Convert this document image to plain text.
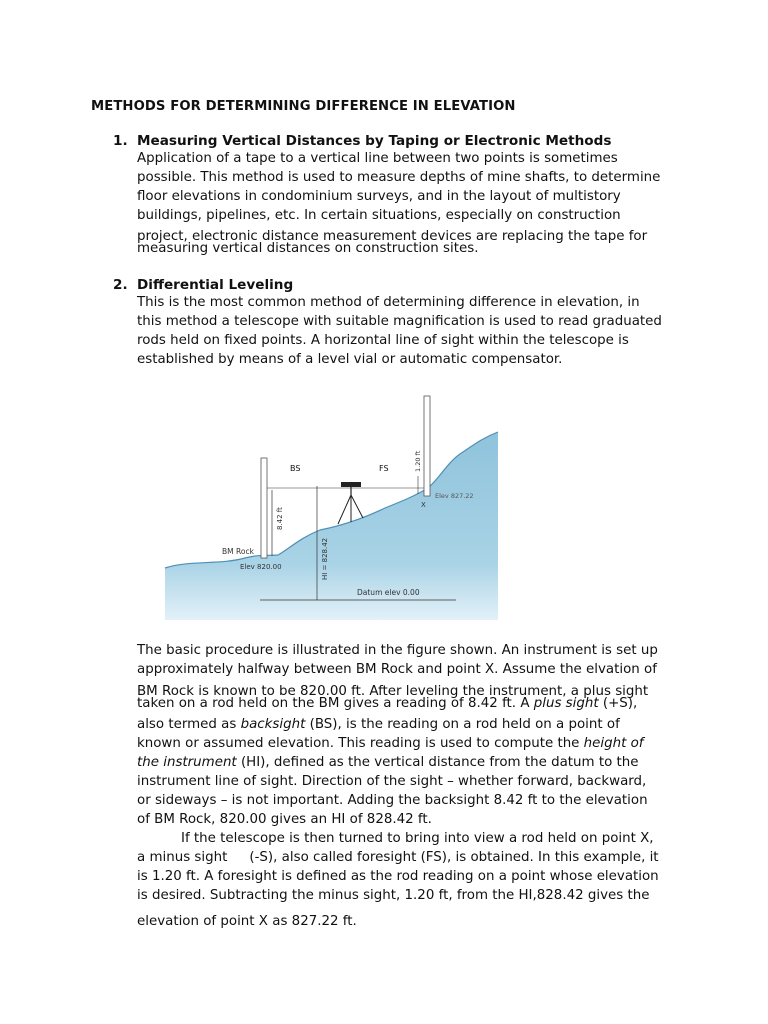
METHODS FOR DETERMINING DIFFERENCE IN ELEVATION
1. Measuring Vertical Distances by Taping or Electronic Methods
Application of a tape to a vertical line between two points is sometimes
possible. This method is used to measure depths of mine shafts, to determine
floor elevations in condominium surveys, and in the layout of multistory
buildings, pipelines, etc. In certain situations, especially on construction
project, electronic distance measurement devices are replacing the tape for
measuring vertical distances on construction sites.
2. Differential Leveling
This is the most common method of determining difference in elevation, in
this method a telescope with suitable magnification is used to read graduated
rods held on fixed points. A horizontal line of sight within the telescope is
established by means of a level vial or automatic compensator.
8.42 ft
BS	FS
HI = 828.42
1.20 ft
X
Elev 827.22
BM Rock
Elev 820.00
Datum elev 0.00
The basic procedure is illustrated in the figure shown. An instrument is set up
approximately halfway between BM Rock and point X. Assume the elvation of
BM Rock is known to be 820.00 ft. After leveling the instrument, a plus sight
taken on a rod held on the BM gives a reading of 8.42 ft. A plus sight (+S),
also termed as backsight (BS), is the reading on a rod held on a point of
known or assumed elevation. This reading is used to compute the height of
the instrument (HI), defined as the vertical distance from the datum to the
instrument line of sight. Direction of the sight – whether forward, backward,
or sideways – is not important. Adding the backsight 8.42 ft to the elevation
of BM Rock, 820.00 gives an HI of 828.42 ft.
If the telescope is then turned to bring into view a rod held on point X,
a minus sight (-S), also called foresight (FS), is obtained. In this example, it
is 1.20 ft. A foresight is defined as the rod reading on a point whose elevation
is desired. Subtracting the minus sight, 1.20 ft, from the HI,828.42 gives the
elevation of point X as 827.22 ft.
